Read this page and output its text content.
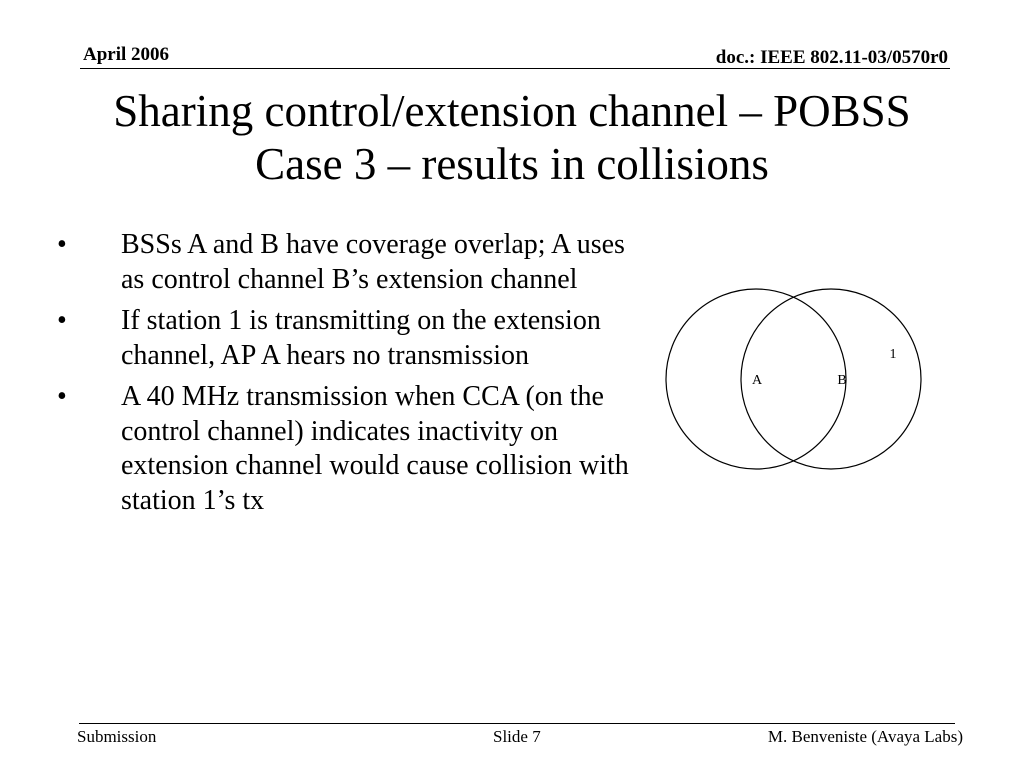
April 2006	doc.: IEEE 802.11-03/0570r0
Sharing control/extension channel – POBSS
Case 3 – results in collisions
• BSSs A and B have coverage overlap; A uses as control channel B’s extension channel
• If station 1 is transmitting on the extension channel, AP A hears no transmission
• A 40 MHz transmission when CCA (on the control channel) indicates inactivity on extension channel would cause collision with station 1’s tx
A	B
1
Submission	Slide 7	M. Benveniste (Avaya Labs)
